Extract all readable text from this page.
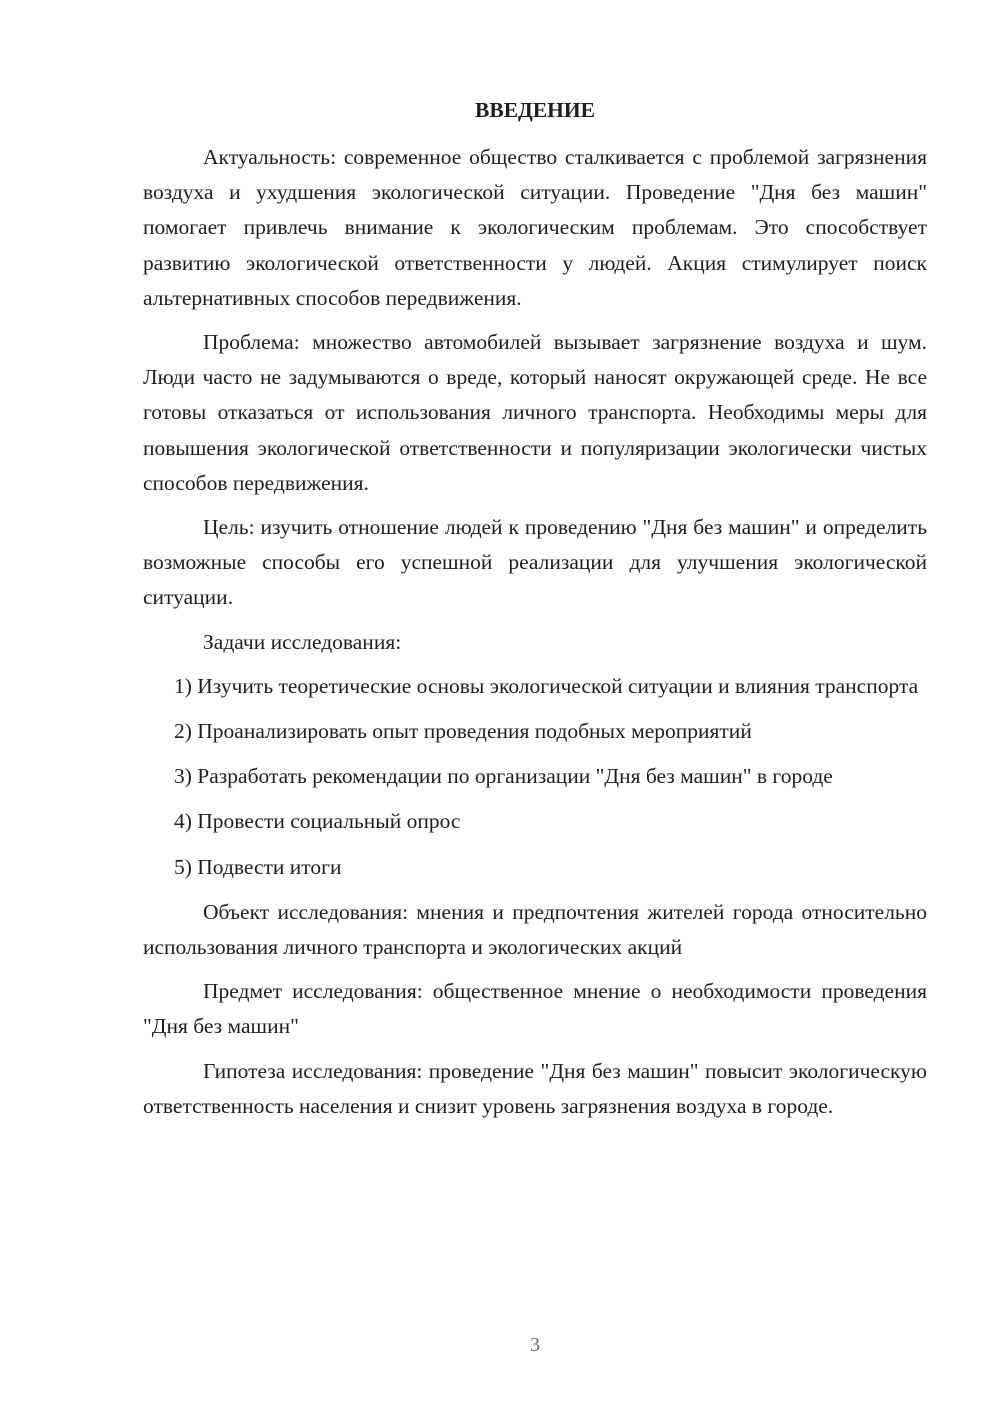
ВВЕДЕНИЕ

Актуальность: современное общество сталкивается с проблемой загрязнения воздуха и ухудшения экологической ситуации. Проведение "Дня без машин" помогает привлечь внимание к экологическим проблемам. Это способствует развитию экологической ответственности у людей. Акция стимулирует поиск альтернативных способов передвижения.

Проблема: множество автомобилей вызывает загрязнение воздуха и шум. Люди часто не задумываются о вреде, который наносят окружающей среде. Не все готовы отказаться от использования личного транспорта. Необходимы меры для повышения экологической ответственности и популяризации экологически чистых способов передвижения.

Цель: изучить отношение людей к проведению "Дня без машин" и определить возможные способы его успешной реализации для улучшения экологической ситуации.

Задачи исследования:

1) Изучить теоретические основы экологической ситуации и влияния транспорта

2) Проанализировать опыт проведения подобных мероприятий

3) Разработать рекомендации по организации "Дня без машин" в городе

4) Провести социальный опрос

5) Подвести итоги

Объект исследования: мнения и предпочтения жителей города относительно использования личного транспорта и экологических акций

Предмет исследования: общественное мнение о необходимости проведения "Дня без машин"

Гипотеза исследования: проведение "Дня без машин" повысит экологическую ответственность населения и снизит уровень загрязнения воздуха в городе.

3
